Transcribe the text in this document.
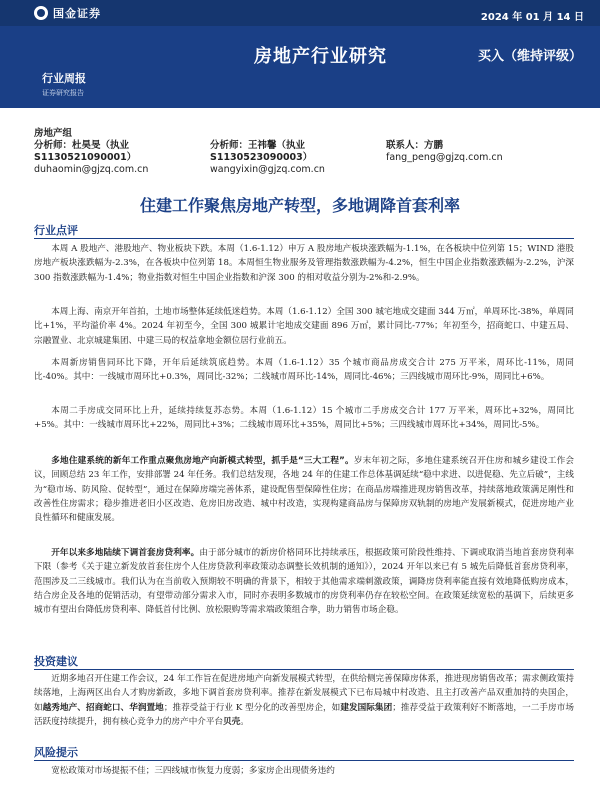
国金证券	2024 年 01 月 14 日
房地产行业研究	买入（维持评级）
行业周报
证券研究报告
房地产组
分析师：杜昊旻（执业
S1130521090001）
duhaomin@gjzq.com.cn
分析师：王祎馨（执业
S1130523090003）
wangyixin@gjzq.com.cn
联系人：方鹏
fang_peng@gjzq.com.cn
住建工作聚焦房地产转型，多地调降首套利率
行业点评
本周 A 股地产、港股地产、物业板块下跌。本周（1.6-1.12）申万 A 股房地产板块涨跌幅为-1.1%，在各板块中位列第 15；WIND 港股房地产板块涨跌幅为-2.3%，在各板块中位列第 18。本周恒生物业服务及管理指数涨跌幅为-4.2%，恒生中国企业指数涨跌幅为-2.2%，沪深 300 指数涨跌幅为-1.4%；物业指数对恒生中国企业指数和沪深 300 的相对收益分别为-2%和-2.9%。
本周上海、南京开年首拍，土地市场整体延续低迷趋势。本周（1.6-1.12）全国 300 城宅地成交建面 344 万㎡，单周环比-38%，单周同比+1%，平均溢价率 4%。2024 年初至今，全国 300 城累计宅地成交建面 896 万㎡，累计同比-77%；年初至今，招商蛇口、中建五局、宗融置业、北京城建集团、中建三局的权益拿地金额位居行业前五。
本周新房销售同环比下降，开年后延续筑底趋势。本周（1.6-1.12）35 个城市商品房成交合计 275 万平米，周环比-11%，周同比-40%。其中：一线城市周环比+0.3%，周同比-32%；二线城市周环比-14%，周同比-46%；三四线城市周环比-9%，周同比+6%。
本周二手房成交同环比上升，延续持续复苏态势。本周（1.6-1.12）15 个城市二手房成交合计 177 万平米，周环比+32%，周同比+5%。其中：一线城市周环比+22%，周同比+3%；二线城市周环比+35%，周同比+5%；三四线城市周环比+34%，周同比-5%。
多地住建系统的新年工作重点聚焦房地产向新模式转型，抓手是“三大工程”。岁末年初之际，多地住建系统召开住房和城乡建设工作会议，回顾总结 23 年工作，安排部署 24 年任务。我们总结发现，各地 24 年的住建工作总体基调延续“稳中求进、以进促稳、先立后破”，主线为“稳市场、防风险、促转型”，通过在保障房端完善体系，建设配售型保障性住房；在商品房端推进现房销售改革，持续落地政策满足刚性和改善性住房需求；稳步推进老旧小区改造、危房旧房改造、城中村改造，实现构建商品房与保障房双轨制的房地产发展新模式，促进房地产业良性循环和健康发展。
开年以来多地陆续下调首套房贷利率。由于部分城市的新房价格同环比持续承压，根据政策可阶段性维持、下调或取消当地首套房贷利率下限（参考《关于建立新发放首套住房个人住房贷款利率政策动态调整长效机制的通知》），2024 开年以来已有 5 城先后降低首套房贷利率，范围涉及二三线城市。我们认为在当前收入预期较不明确的背景下，相较于其他需求端刺激政策，调降房贷利率能直接有效地降低购房成本，结合房企及各地的促销活动，有望带动部分需求入市，同时亦表明多数城市的房贷利率仍存在较松空间。在政策延续宽松的基调下，后续更多城市有望出台降低房贷利率、降低首付比例、放松限购等需求端政策组合拳，助力销售市场企稳。
投资建议
近期多地召开住建工作会议，24 年工作旨在促进房地产向新发展模式转型，在供给侧完善保障房体系，推进现房销售改革；需求侧政策持续落地，上海两区出台人才购房新政，多地下调首套房贷利率。推荐在新发展模式下已布局城中村改造、且主打改善产品双重加持的央国企，如越秀地产、招商蛇口、华润置地；推荐受益于行业 K 型分化的改善型房企，如建发国际集团；推荐受益于政策利好不断落地，一二手房市场活跃度持续提升，拥有核心竞争力的房产中介平台贝壳。
风险提示
宽松政策对市场提振不佳；三四线城市恢复力度弱；多家房企出现债务违约
